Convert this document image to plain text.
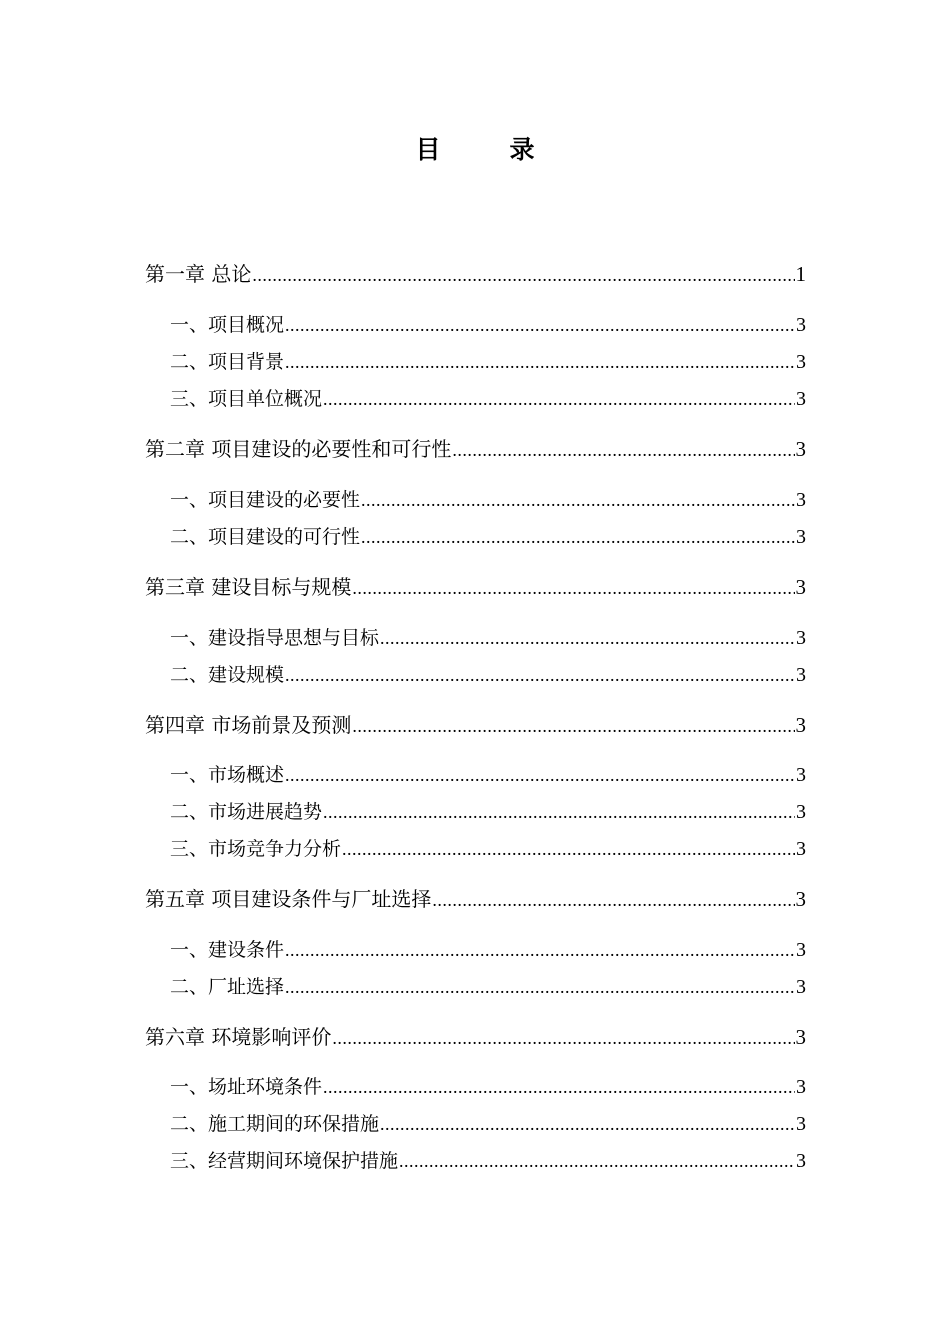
目　录
第一章 总论 .....	1
一、项目概况 .....	3
二、项目背景 .....	3
三、项目单位概况 .....	3
第二章 项目建设的必要性和可行性 .....	3
一、项目建设的必要性 .....	3
二、项目建设的可行性 .....	3
第三章 建设目标与规模 .....	3
一、建设指导思想与目标 .....	3
二、建设规模 .....	3
第四章 市场前景及预测 .....	3
一、市场概述 .....	3
二、市场进展趋势 .....	3
三、市场竞争力分析 .....	3
第五章 项目建设条件与厂址选择 .....	3
一、建设条件 .....	3
二、厂址选择 .....	3
第六章 环境影响评价 .....	3
一、场址环境条件 .....	3
二、施工期间的环保措施 .....	3
三、经营期间环境保护措施 .....	3
